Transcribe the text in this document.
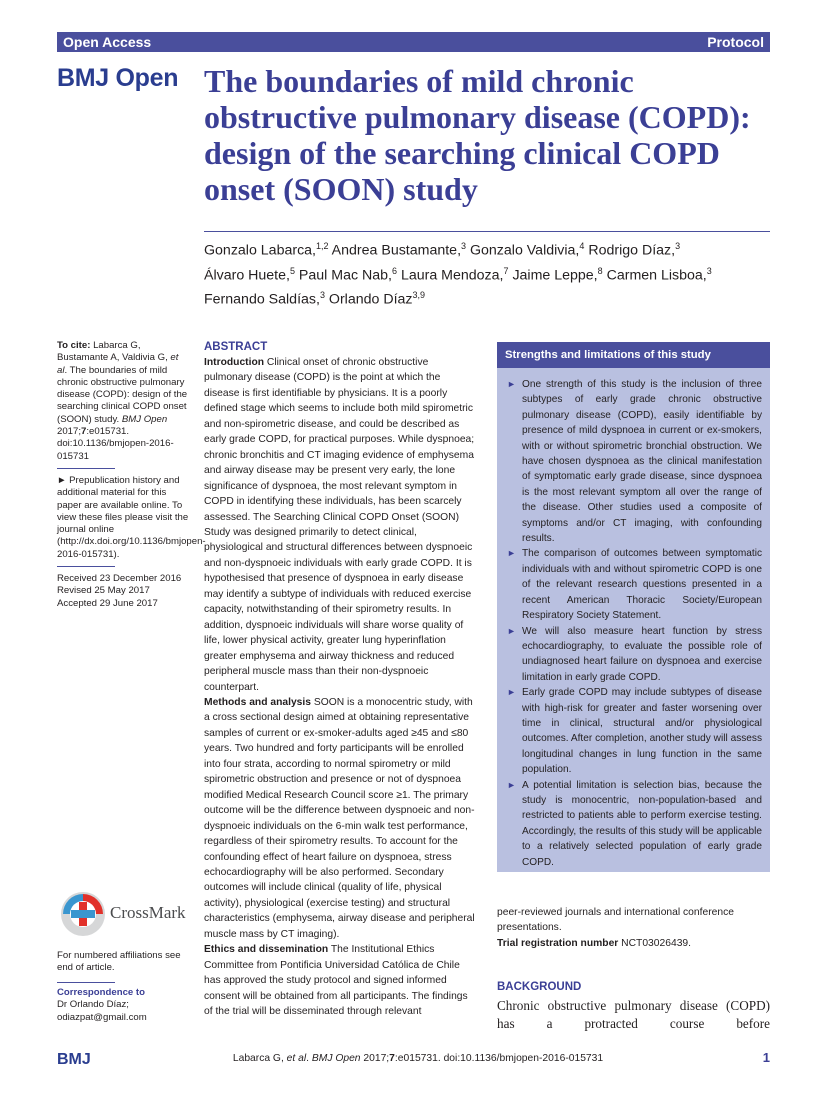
Open Access	Protocol
BMJ Open The boundaries of mild chronic
obstructive pulmonary disease (COPD):
design of the searching clinical COPD
onset (SOON) study
Gonzalo Labarca,$^{1,2}$ Andrea Bustamante,$^3$ Gonzalo Valdivia,$^4$ Rodrigo Díaz,$^3$
Álvaro Huete,$^5$ Paul Mac Nab,$^6$ Laura Mendoza,$^7$ Jaime Leppe,$^8$ Carmen Lisboa,$^3$
Fernando Saldías,$^3$ Orlando Díaz$^{3,9}$

To cite: Labarca G, Bustamante A, Valdivia G, et al. The boundaries of mild chronic obstructive pulmonary disease (COPD): design of the searching clinical COPD onset (SOON) study. BMJ Open 2017;7:e015731. doi:10.1136/bmjopen-2016-015731

► Prepublication history and additional material for this paper are available online. To view these files please visit the journal online (http://dx.doi.org/10.1136/bmjopen-2016-015731).

Received 23 December 2016

Revised 25 May 2017

Accepted 29 June 2017

CrossMark
For numbered affiliations see end of article.

Correspondence to

Dr Orlando Díaz;

odiazpat@gmail.com

ABSTRACT

Introduction Clinical onset of chronic obstructive pulmonary disease (COPD) is the point at which the disease is first identifiable by physicians. It is a poorly defined stage which seems to include both mild spirometric and non-spirometric disease, and could be described as early grade COPD, for practical purposes. While dyspnoea; chronic bronchitis and CT imaging evidence of emphysema and airway disease may be present very early, the lone significance of dyspnoea, the most relevant symptom in COPD in identifying these individuals, has been scarcely assessed. The Searching Clinical COPD Onset (SOON) Study was designed primarily to detect clinical, physiological and structural differences between dyspnoeic and non-dyspnoeic individuals with early grade COPD. It is hypothesised that presence of dyspnoea in early disease may identify a subtype of individuals with reduced exercise capacity, notwithstanding of their spirometry results. In addition, dyspnoeic individuals will share worse quality of life, lower physical activity, greater lung hyperinflation greater emphysema and airway thickness and reduced peripheral muscle mass than their non-dyspnoeic counterpart.

Methods and analysis SOON is a monocentric study, with a cross sectional design aimed at obtaining representative samples of current or ex-smoker-adults aged ≥45 and ≤80 years. Two hundred and forty participants will be enrolled into four strata, according to normal spirometry or mild spirometric obstruction and presence or not of dyspnoea modified Medical Research Council score ≥1. The primary outcome will be the difference between dyspnoeic and non-dyspnoeic individuals on the 6-min walk test performance, regardless of their spirometry results. To account for the confounding effect of heart failure on dyspnoea, stress echocardiography will be also performed. Secondary outcomes will include clinical (quality of life, physical activity), physiological (exercise testing) and structural characteristics (emphysema, airway disease and peripheral muscle mass by CT imaging).

Ethics and dissemination The Institutional Ethics Committee from Pontificia Universidad Católica de Chile has approved the study protocol and signed informed consent will be obtained from all participants. The findings of the trial will be disseminated through relevant

Strengths and limitations of this study
► One strength of this study is the inclusion of three subtypes of early grade chronic obstructive pulmonary disease (COPD), easily identifiable by presence of mild dyspnoea in current or ex-smokers, with or without spirometric bronchial obstruction. We have chosen dyspnoea as the clinical manifestation of symptomatic early grade disease, since dyspnoea is the most relevant symptom all over the range of the disease. Other studies used a composite of symptoms and/or CT imaging, with confounding results.
► The comparison of outcomes between symptomatic individuals with and without spirometric COPD is one of the relevant research questions presented in a recent American Thoracic Society/European Respiratory Society Statement.
► We will also measure heart function by stress echocardiography, to evaluate the possible role of undiagnosed heart failure on dyspnoea and exercise limitation in early grade COPD.
► Early grade COPD may include subtypes of disease with high-risk for greater and faster worsening over time in clinical, structural and/or physiological outcomes. After completion, another study will assess longitudinal changes in lung function in the same population.
► A potential limitation is selection bias, because the study is monocentric, non-population-based and restricted to patients able to perform exercise testing. Accordingly, the results of this study will be applicable to a relatively selected population of early grade COPD.

peer-reviewed journals and international conference presentations.

Trial registration number NCT03026439.

BACKGROUND
Chronic obstructive pulmonary disease (COPD) has a protracted course before
BMJ	Labarca G, et al. BMJ Open 2017;7:e015731. doi:10.1136/bmjopen-2016-015731	1
